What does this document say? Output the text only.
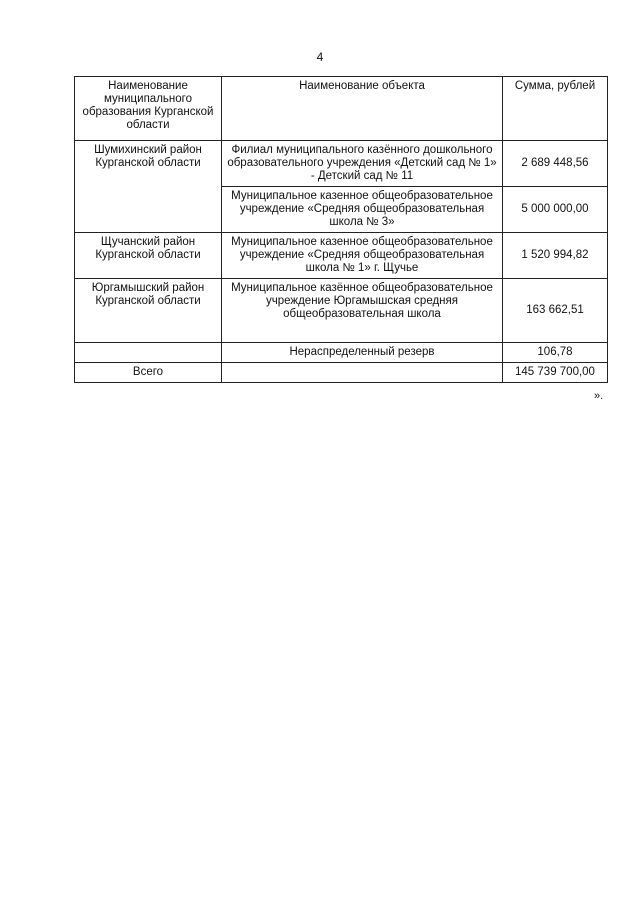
4
Наименование муниципального образования Курганской области	Наименование объекта	Сумма, рублей
Шумихинский район Курганской области	Филиал муниципального казённого дошкольного образовательного учреждения «Детский сад № 1» - Детский сад № 11	2 689 448,56
	Муниципальное казенное общеобразовательное учреждение «Средняя общеобразовательная школа № 3»	5 000 000,00
Щучанский район Курганской области	Муниципальное казенное общеобразовательное учреждение «Средняя общеобразовательная школа № 1» г. Щучье	1 520 994,82
Юргамышский район Курганской области	Муниципальное казённое общеобразовательное учреждение Юргамышская средняя общеобразовательная школа	163 662,51
	Нераспределенный резерв	106,78
Всего		145 739 700,00
».
